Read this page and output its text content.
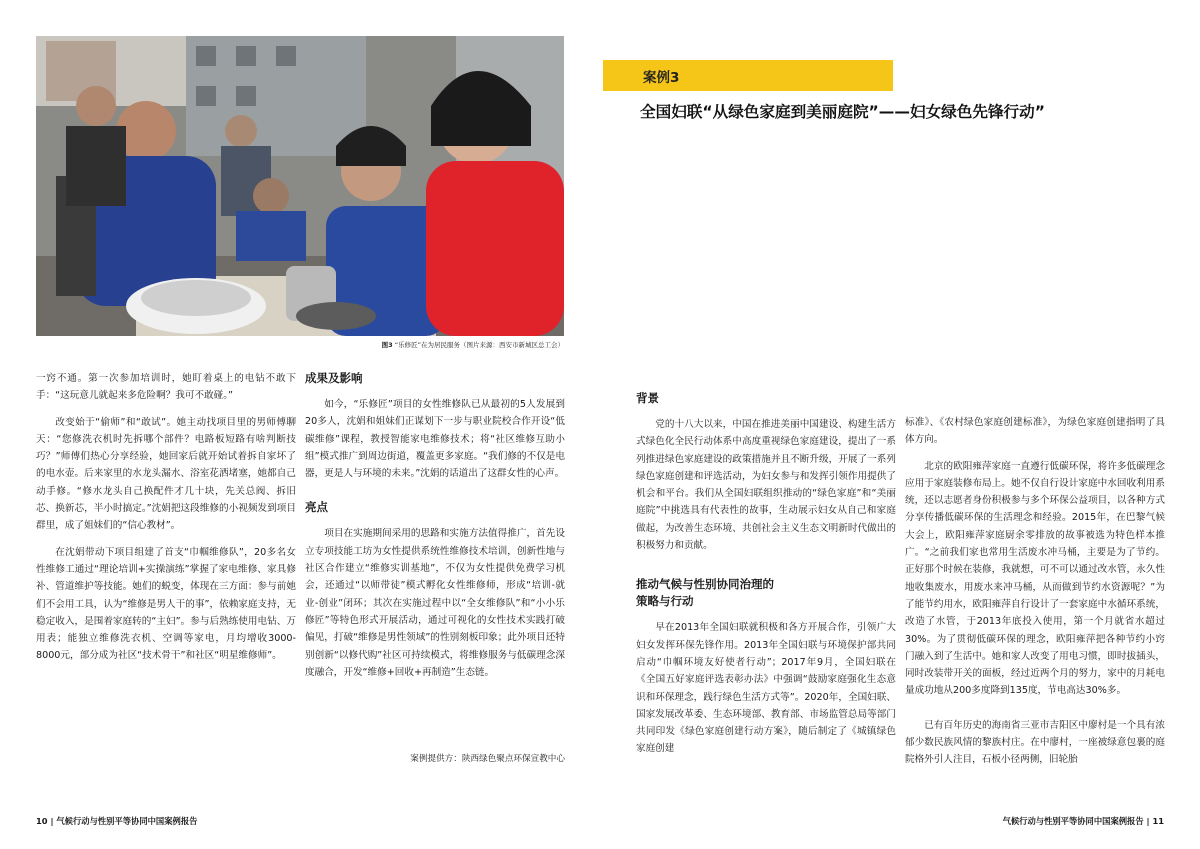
图3 “乐修匠”在为居民服务（图片来源：西安市新城区总工会）

一窍不通。第一次参加培训时，她盯着桌上的电钻不敢下手：“这玩意儿就起来多危险啊？我可不敢碰。”

改变始于“偷师”和“敢试”。她主动找项目里的男师傅聊天：“您修洗衣机时先拆哪个部件？电路板短路有啥判断技巧？”师傅们热心分享经验，她回家后就开始试着拆自家坏了的电水壶。后来家里的水龙头漏水、浴室花洒堵塞，她都自己动手修。“修水龙头自己换配件才几十块，先关总阀、拆旧芯、换新芯，半小时搞定。”沈娟把这段维修的小视频发到项目群里，成了姐妹们的“信心教材”。

在沈娟带动下项目组建了首支“巾帼维修队”，20多名女性维修工通过“理论培训+实操演练”掌握了家电维修、家具修补、管道维护等技能。她们的蜕变，体现在三方面：参与前她们不会用工具，认为“维修是男人干的事”，依赖家庭支持，无稳定收入，是围着家庭转的“主妇”。参与后熟练使用电钻、万用表；能独立维修洗衣机、空调等家电，月均增收3000-8000元，部分成为社区“技术骨干”和社区“明星维修师”。

成果及影响

如今，“乐修匠”项目的女性维修队已从最初的5人发展到20多人，沈娟和姐妹们正谋划下一步与职业院校合作开设“低碳维修”课程，教授智能家电维修技术；将“社区维修互助小组”模式推广到周边街道，覆盖更多家庭。“我们修的不仅是电器，更是人与环境的未来。”沈娟的话道出了这群女性的心声。

亮点

项目在实施期间采用的思路和实施方法值得推广，首先设立专项技能工坊为女性提供系统性维修技术培训，创新性地与社区合作建立“维修实训基地”，不仅为女性提供免费学习机会，还通过“以师带徒”模式孵化女性维修师，形成“培训-就业-创业”闭环；其次在实施过程中以“全女维修队”和“小小乐修匠”等特色形式开展活动，通过可视化的女性技术实践打破偏见，打破“维修是男性领域”的性别刻板印象；此外项目还特别创新“以修代购”社区可持续模式，将维修服务与低碳理念深度融合，开发“维修+回收+再制造”生态链。

案例提供方：陕西绿色聚点环保宣教中心
10 | 气候行动与性别平等协同中国案例报告
案例3
全国妇联“从绿色家庭到美丽庭院”——妇女绿色先锋行动”
背景

党的十八大以来，中国在推进美丽中国建设、构建生活方式绿色化全民行动体系中高度重视绿色家庭建设，提出了一系列推进绿色家庭建设的政策措施并且不断升级，开展了一系列绿色家庭创建和评选活动，为妇女参与和发挥引领作用提供了机会和平台。我们从全国妇联组织推动的“绿色家庭”和“美丽庭院”中挑选具有代表性的故事，生动展示妇女从自己和家庭做起，为改善生态环境、共创社会主义生态文明新时代做出的积极努力和贡献。

推动气候与性别协同治理的
策略与行动

早在2013年全国妇联就积极和各方开展合作，引领广大妇女发挥环保先锋作用。2013年全国妇联与环境保护部共同启动“巾帼环境友好使者行动”；2017年9月，全国妇联在《全国五好家庭评选表彰办法》中强调“鼓励家庭强化生态意识和环保理念，践行绿色生活方式等”。2020年，全国妇联、国家发展改革委、生态环境部、教育部、市场监管总局等部门共同印发《绿色家庭创建行动方案》，随后制定了《城镇绿色家庭创建

标准》、《农村绿色家庭创建标准》，为绿色家庭创建指明了具体方向。

北京的欧阳雍萍家庭一直遵行低碳环保，将许多低碳理念应用于家庭装修布局上。她不仅自行设计家庭中水回收利用系统，还以志愿者身份积极参与多个环保公益项目，以各种方式分享传播低碳环保的生活理念和经验。2015年，在巴黎气候大会上，欧阳雍萍家庭厨余零排放的故事被选为特色样本推广。“之前我们家也常用生活废水冲马桶，主要是为了节约。正好那个时候在装修，我就想，可不可以通过改水管，永久性地收集废水，用废水来冲马桶，从而做到节约水资源呢？”为了能节约用水，欧阳雍萍自行设计了一套家庭中水循环系统，改造了水管，于2013年底投入使用，第一个月就省水超过30%。为了贯彻低碳环保的理念，欧阳雍萍把各种节约小窍门融入到了生活中。她和家人改变了用电习惯，即时拔插头，同时改装带开关的面板，经过近两个月的努力，家中的月耗电量成功地从200多度降到135度，节电高达30%多。

已有百年历史的海南省三亚市吉阳区中廖村是一个具有浓郁少数民族风情的黎族村庄。在中廖村，一座被绿意包裹的庭院格外引人注目，石板小径两侧，旧轮胎

气候行动与性别平等协同中国案例报告 | 11
